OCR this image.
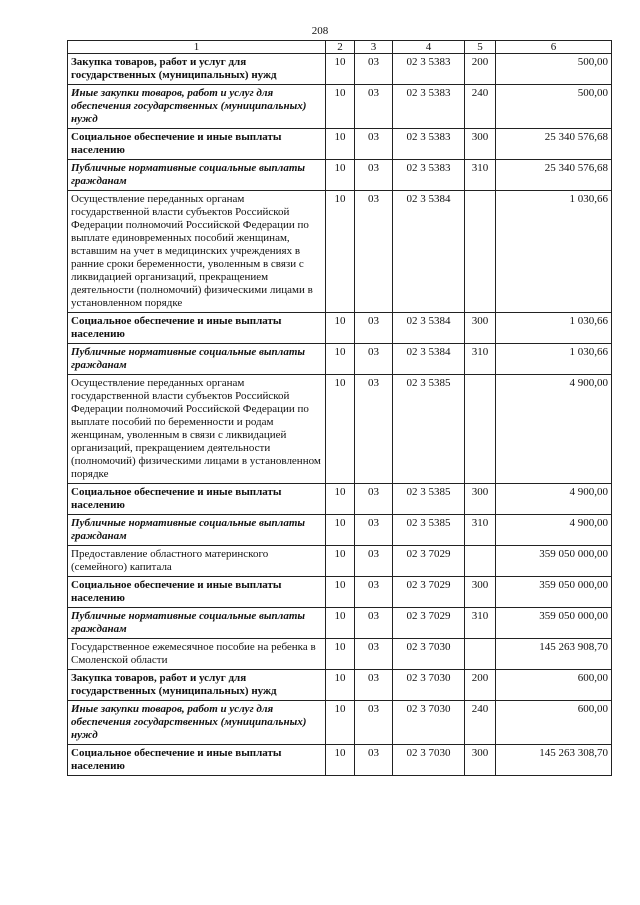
208
1	2	3	4	5	6
Закупка товаров, работ и услуг для государственных (муниципальных) нужд	10	03	02 3 5383	200	500,00
Иные закупки товаров, работ и услуг для обеспечения государственных (муниципальных) нужд	10	03	02 3 5383	240	500,00
Социальное обеспечение и иные выплаты населению	10	03	02 3 5383	300	25 340 576,68
Публичные нормативные социальные выплаты гражданам	10	03	02 3 5383	310	25 340 576,68
Осуществление переданных органам государственной власти субъектов Российской Федерации полномочий Российской Федерации по выплате единовременных пособий женщинам, вставшим на учет в медицинских учреждениях в ранние сроки беременности, уволенным в связи с ликвидацией организаций, прекращением деятельности (полномочий) физическими лицами в установленном порядке	10	03	02 3 5384		1 030,66
Социальное обеспечение и иные выплаты населению	10	03	02 3 5384	300	1 030,66
Публичные нормативные социальные выплаты гражданам	10	03	02 3 5384	310	1 030,66
Осуществление переданных органам государственной власти субъектов Российской Федерации полномочий Российской Федерации по выплате пособий по беременности и родам женщинам, уволенным в связи с ликвидацией организаций, прекращением деятельности (полномочий) физическими лицами в установленном порядке	10	03	02 3 5385		4 900,00
Социальное обеспечение и иные выплаты населению	10	03	02 3 5385	300	4 900,00
Публичные нормативные социальные выплаты гражданам	10	03	02 3 5385	310	4 900,00
Предоставление областного материнского (семейного) капитала	10	03	02 3 7029		359 050 000,00
Социальное обеспечение и иные выплаты населению	10	03	02 3 7029	300	359 050 000,00
Публичные нормативные социальные выплаты гражданам	10	03	02 3 7029	310	359 050 000,00
Государственное ежемесячное пособие на ребенка в Смоленской области	10	03	02 3 7030		145 263 908,70
Закупка товаров, работ и услуг для государственных (муниципальных) нужд	10	03	02 3 7030	200	600,00
Иные закупки товаров, работ и услуг для обеспечения государственных (муниципальных) нужд	10	03	02 3 7030	240	600,00
Социальное обеспечение и иные выплаты населению	10	03	02 3 7030	300	145 263 308,70
